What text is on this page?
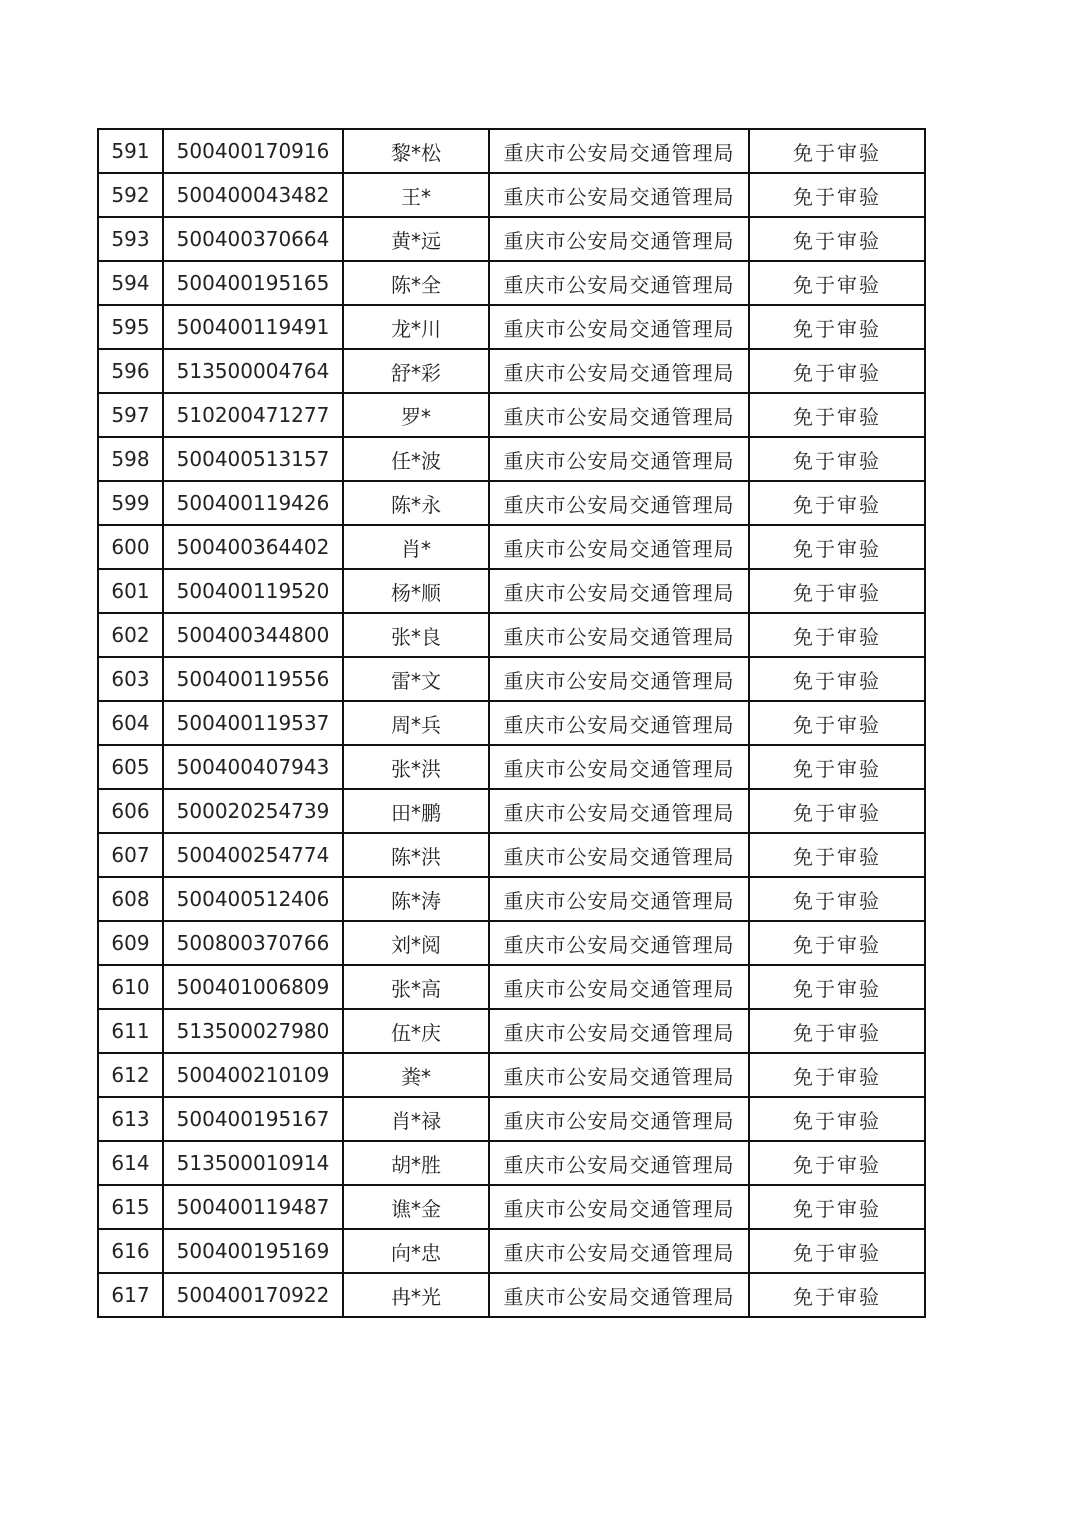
591	500400170916	黎*松	重庆市公安局交通管理局	免于审验
592	500400043482	王*	重庆市公安局交通管理局	免于审验
593	500400370664	黄*远	重庆市公安局交通管理局	免于审验
594	500400195165	陈*全	重庆市公安局交通管理局	免于审验
595	500400119491	龙*川	重庆市公安局交通管理局	免于审验
596	513500004764	舒*彩	重庆市公安局交通管理局	免于审验
597	510200471277	罗*	重庆市公安局交通管理局	免于审验
598	500400513157	任*波	重庆市公安局交通管理局	免于审验
599	500400119426	陈*永	重庆市公安局交通管理局	免于审验
600	500400364402	肖*	重庆市公安局交通管理局	免于审验
601	500400119520	杨*顺	重庆市公安局交通管理局	免于审验
602	500400344800	张*良	重庆市公安局交通管理局	免于审验
603	500400119556	雷*文	重庆市公安局交通管理局	免于审验
604	500400119537	周*兵	重庆市公安局交通管理局	免于审验
605	500400407943	张*洪	重庆市公安局交通管理局	免于审验
606	500020254739	田*鹏	重庆市公安局交通管理局	免于审验
607	500400254774	陈*洪	重庆市公安局交通管理局	免于审验
608	500400512406	陈*涛	重庆市公安局交通管理局	免于审验
609	500800370766	刘*阅	重庆市公安局交通管理局	免于审验
610	500401006809	张*高	重庆市公安局交通管理局	免于审验
611	513500027980	伍*庆	重庆市公安局交通管理局	免于审验
612	500400210109	粪*	重庆市公安局交通管理局	免于审验
613	500400195167	肖*禄	重庆市公安局交通管理局	免于审验
614	513500010914	胡*胜	重庆市公安局交通管理局	免于审验
615	500400119487	谯*金	重庆市公安局交通管理局	免于审验
616	500400195169	向*忠	重庆市公安局交通管理局	免于审验
617	500400170922	冉*光	重庆市公安局交通管理局	免于审验
